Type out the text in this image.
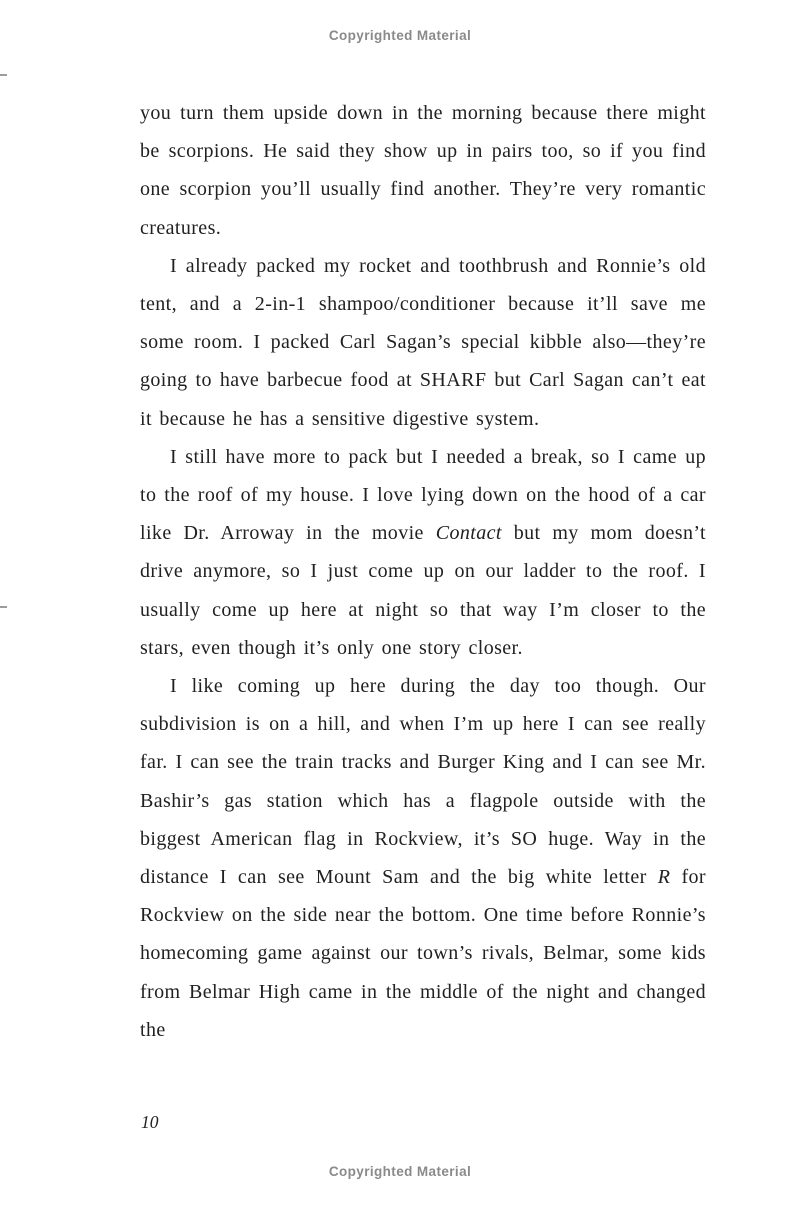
Copyrighted Material

you turn them upside down in the morning because there might be scorpions. He said they show up in pairs too, so if you find one scorpion you’ll usually find another. They’re very romantic creatures.

I already packed my rocket and toothbrush and Ronnie’s old tent, and a 2-in-1 shampoo/conditioner because it’ll save me some room. I packed Carl Sagan’s special kibble also—they’re going to have barbecue food at SHARF but Carl Sagan can’t eat it because he has a sensitive digestive system.

I still have more to pack but I needed a break, so I came up to the roof of my house. I love lying down on the hood of a car like Dr. Arroway in the movie Contact but my mom doesn’t drive anymore, so I just come up on our ladder to the roof. I usually come up here at night so that way I’m closer to the stars, even though it’s only one story closer.

I like coming up here during the day too though. Our subdivision is on a hill, and when I’m up here I can see really far. I can see the train tracks and Burger King and I can see Mr. Bashir’s gas station which has a flagpole outside with the biggest American flag in Rockview, it’s SO huge. Way in the distance I can see Mount Sam and the big white letter R for Rockview on the side near the bottom. One time before Ronnie’s homecoming game against our town’s rivals, Belmar, some kids from Belmar High came in the middle of the night and changed the

10
Copyrighted Material
